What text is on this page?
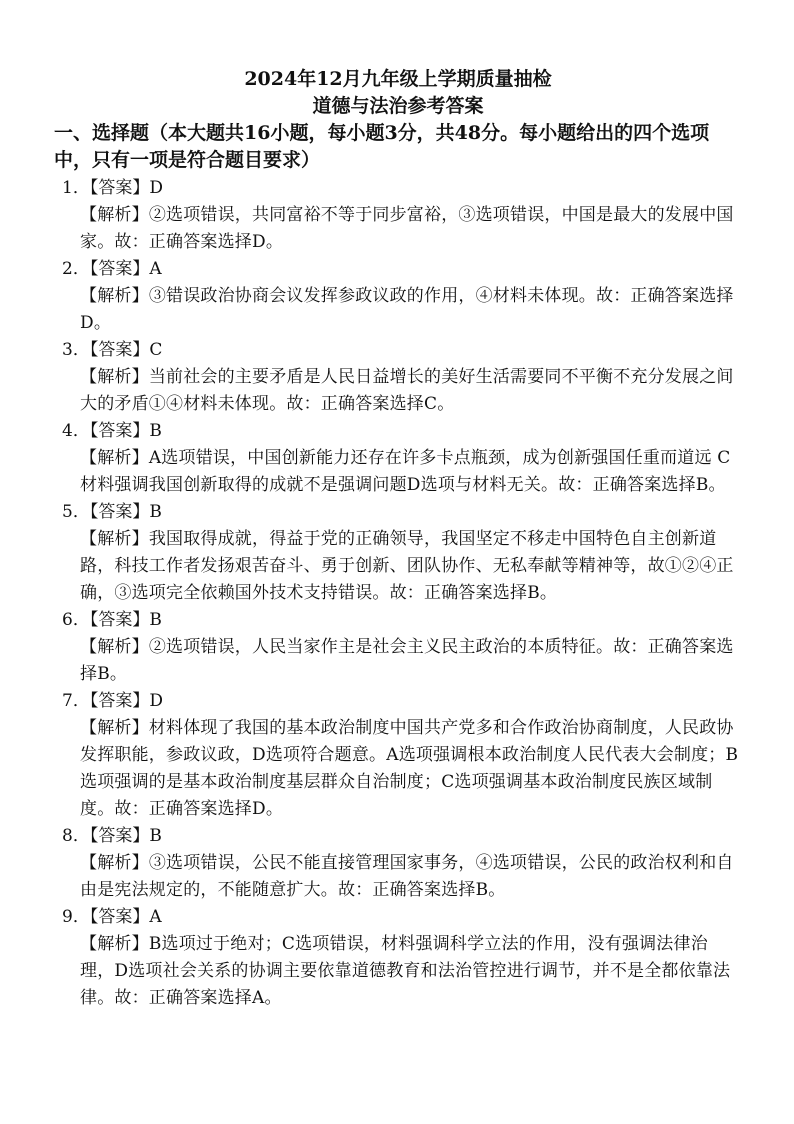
2024年12月九年级上学期质量抽检

道德与法治参考答案

一、选择题（本大题共16小题，每小题3分，共48分。每小题给出的四个选项中，只有一项是符合题目要求）

1．【答案】D

【解析】②选项错误，共同富裕不等于同步富裕，③选项错误，中国是最大的发展中国家。故：正确答案选择D。

2．【答案】A

【解析】③错误政治协商会议发挥参政议政的作用，④材料未体现。故：正确答案选择D。

3．【答案】C

【解析】当前社会的主要矛盾是人民日益增长的美好生活需要同不平衡不充分发展之间大的矛盾①④材料未体现。故：正确答案选择C。

4．【答案】B

【解析】A选项错误，中国创新能力还存在许多卡点瓶颈，成为创新强国任重而道远 C 材料强调我国创新取得的成就不是强调问题D选项与材料无关。故：正确答案选择B。

5．【答案】B

【解析】我国取得成就，得益于党的正确领导，我国坚定不移走中国特色自主创新道路，科技工作者发扬艰苦奋斗、勇于创新、团队协作、无私奉献等精神等，故①②④正确，③选项完全依赖国外技术支持错误。故：正确答案选择B。

6．【答案】B

【解析】②选项错误，人民当家作主是社会主义民主政治的本质特征。故：正确答案选择B。

7．【答案】D

【解析】材料体现了我国的基本政治制度中国共产党多和合作政治协商制度，人民政协发挥职能，参政议政，D选项符合题意。A选项强调根本政治制度人民代表大会制度；B选项强调的是基本政治制度基层群众自治制度；C选项强调基本政治制度民族区域制度。故：正确答案选择D。

8．【答案】B

【解析】③选项错误，公民不能直接管理国家事务，④选项错误，公民的政治权利和自由是宪法规定的，不能随意扩大。故：正确答案选择B。

9．【答案】A

【解析】B选项过于绝对；C选项错误，材料强调科学立法的作用，没有强调法律治理，D选项社会关系的协调主要依靠道德教育和法治管控进行调节，并不是全都依靠法律。故：正确答案选择A。
